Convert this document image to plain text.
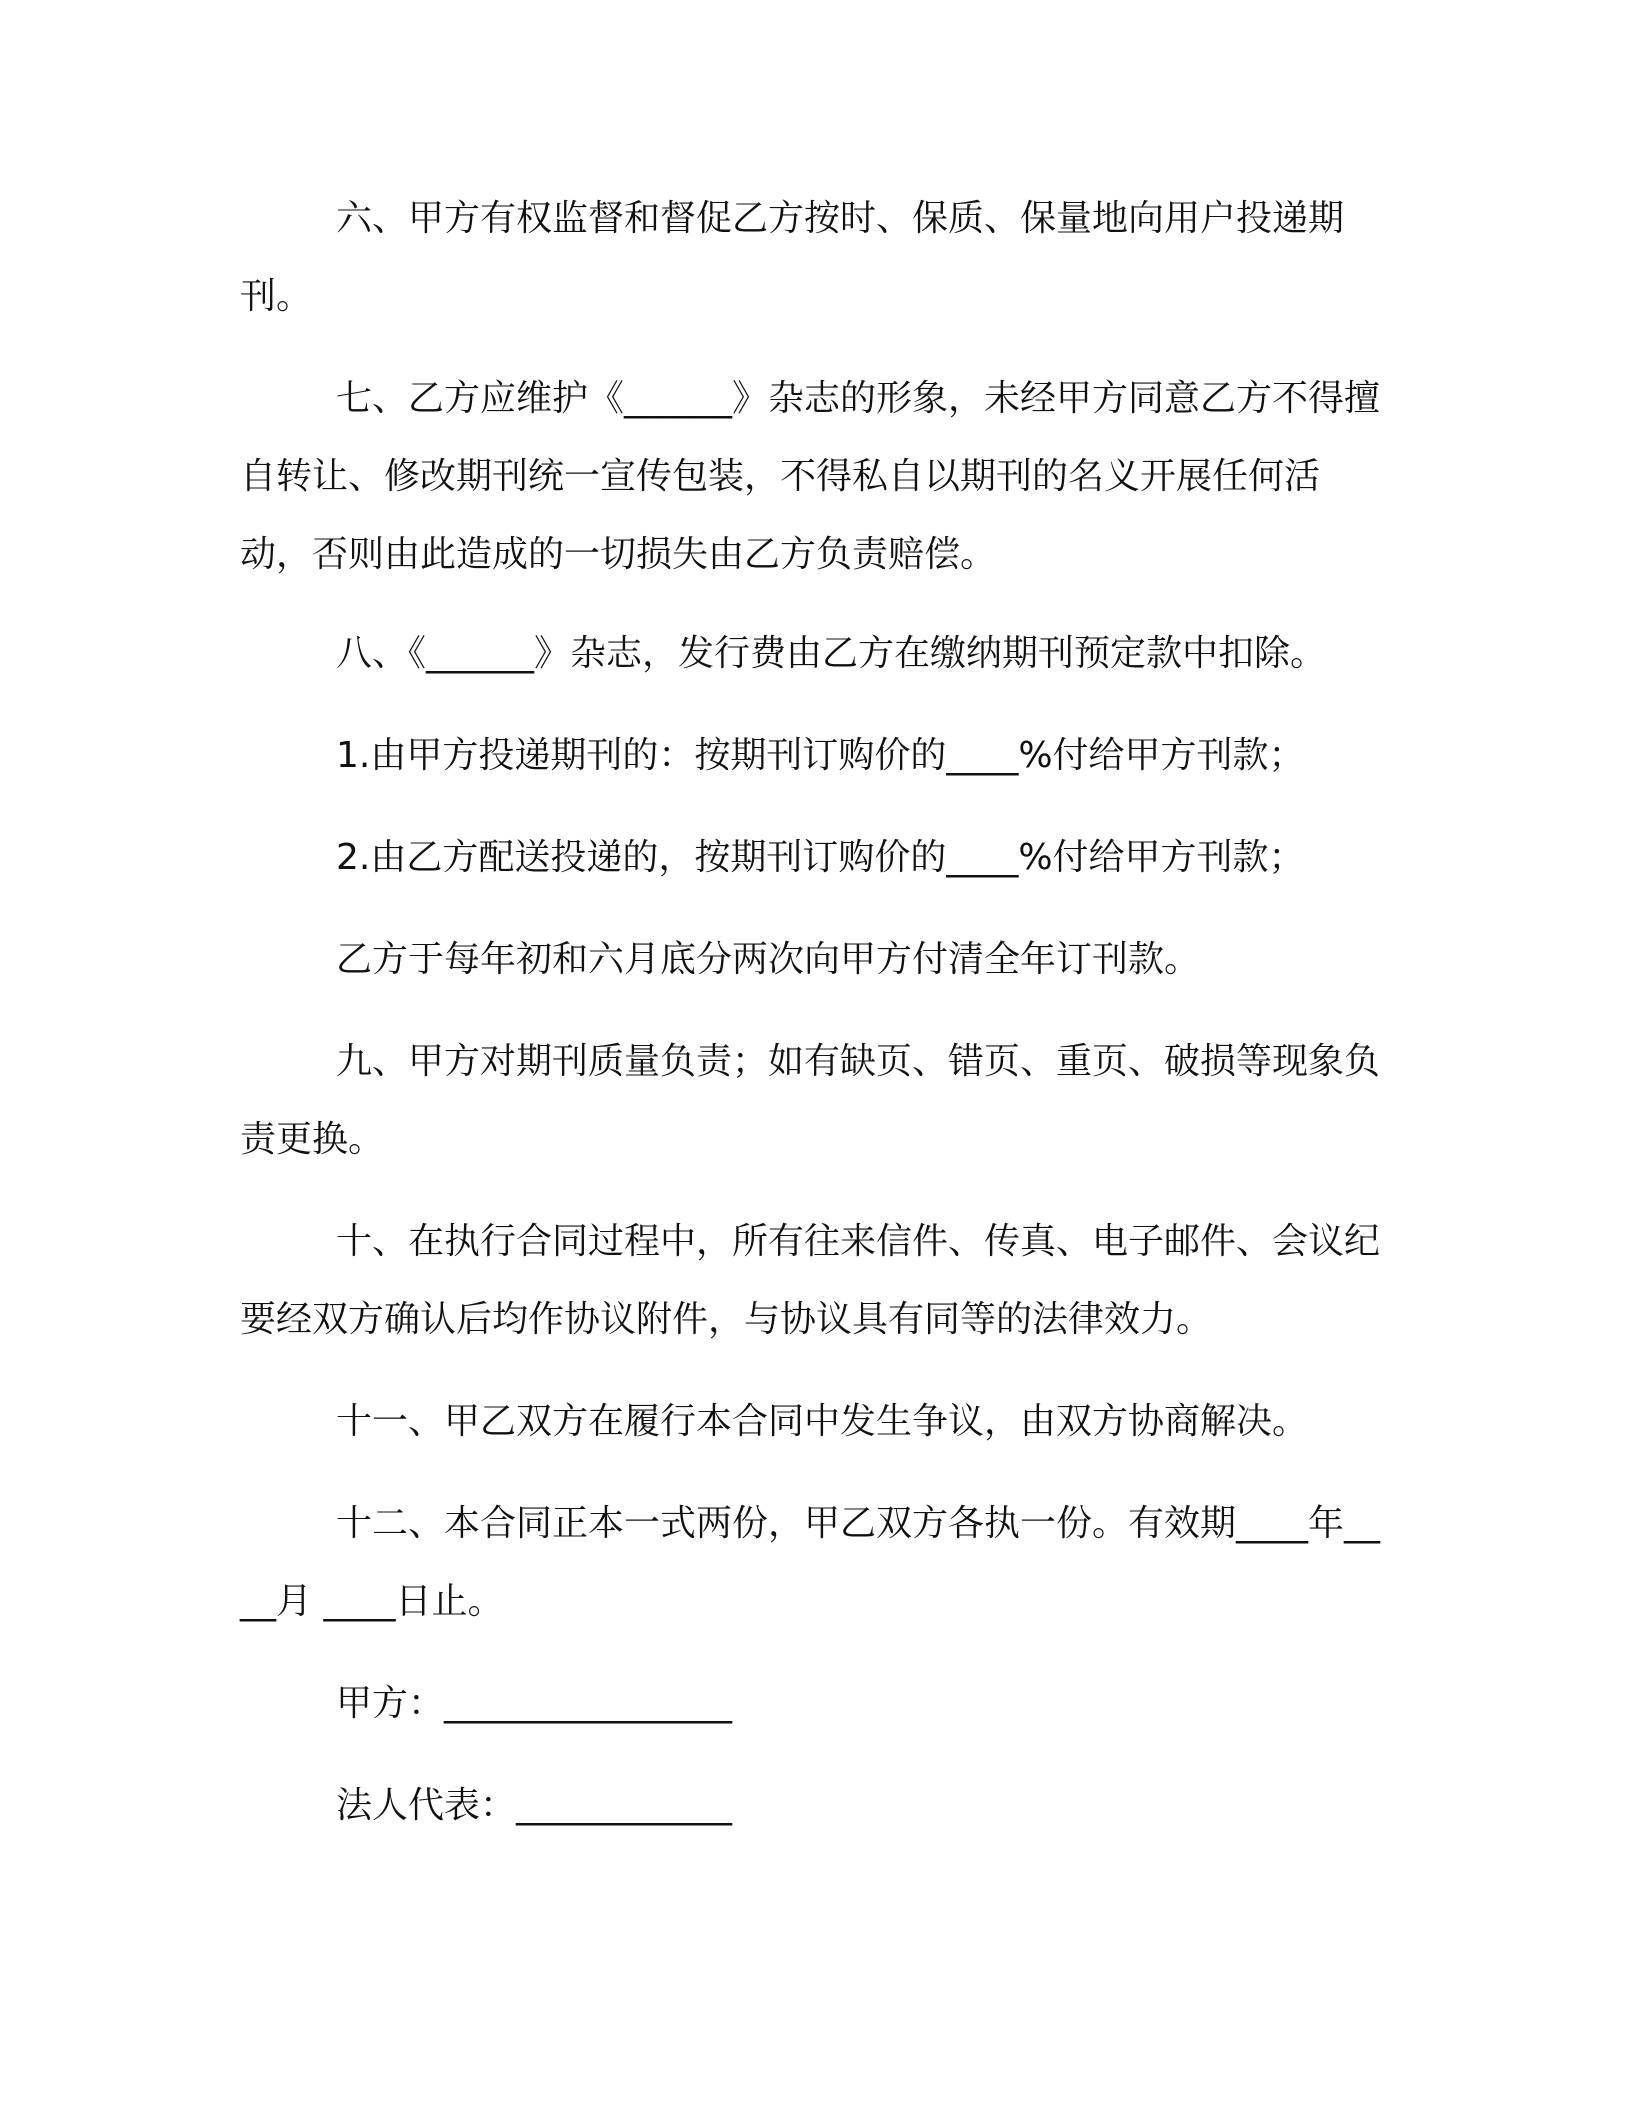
六、甲方有权监督和督促乙方按时、保质、保量地向用户投递期刊。

七、乙方应维护《______》杂志的形象，未经甲方同意乙方不得擅自转让、修改期刊统一宣传包装，不得私自以期刊的名义开展任何活动，否则由此造成的一切损失由乙方负责赔偿。

八、《______》杂志，发行费由乙方在缴纳期刊预定款中扣除。

1.由甲方投递期刊的：按期刊订购价的____%付给甲方刊款；

2.由乙方配送投递的，按期刊订购价的____%付给甲方刊款；

乙方于每年初和六月底分两次向甲方付清全年订刊款。

九、甲方对期刊质量负责；如有缺页、错页、重页、破损等现象负责更换。

十、在执行合同过程中，所有往来信件、传真、电子邮件、会议纪要经双方确认后均作协议附件，与协议具有同等的法律效力。

十一、甲乙双方在履行本合同中发生争议，由双方协商解决。

十二、本合同正本一式两份，甲乙双方各执一份。有效期____年____月 ____日止。

甲方：________________

法人代表：____________
